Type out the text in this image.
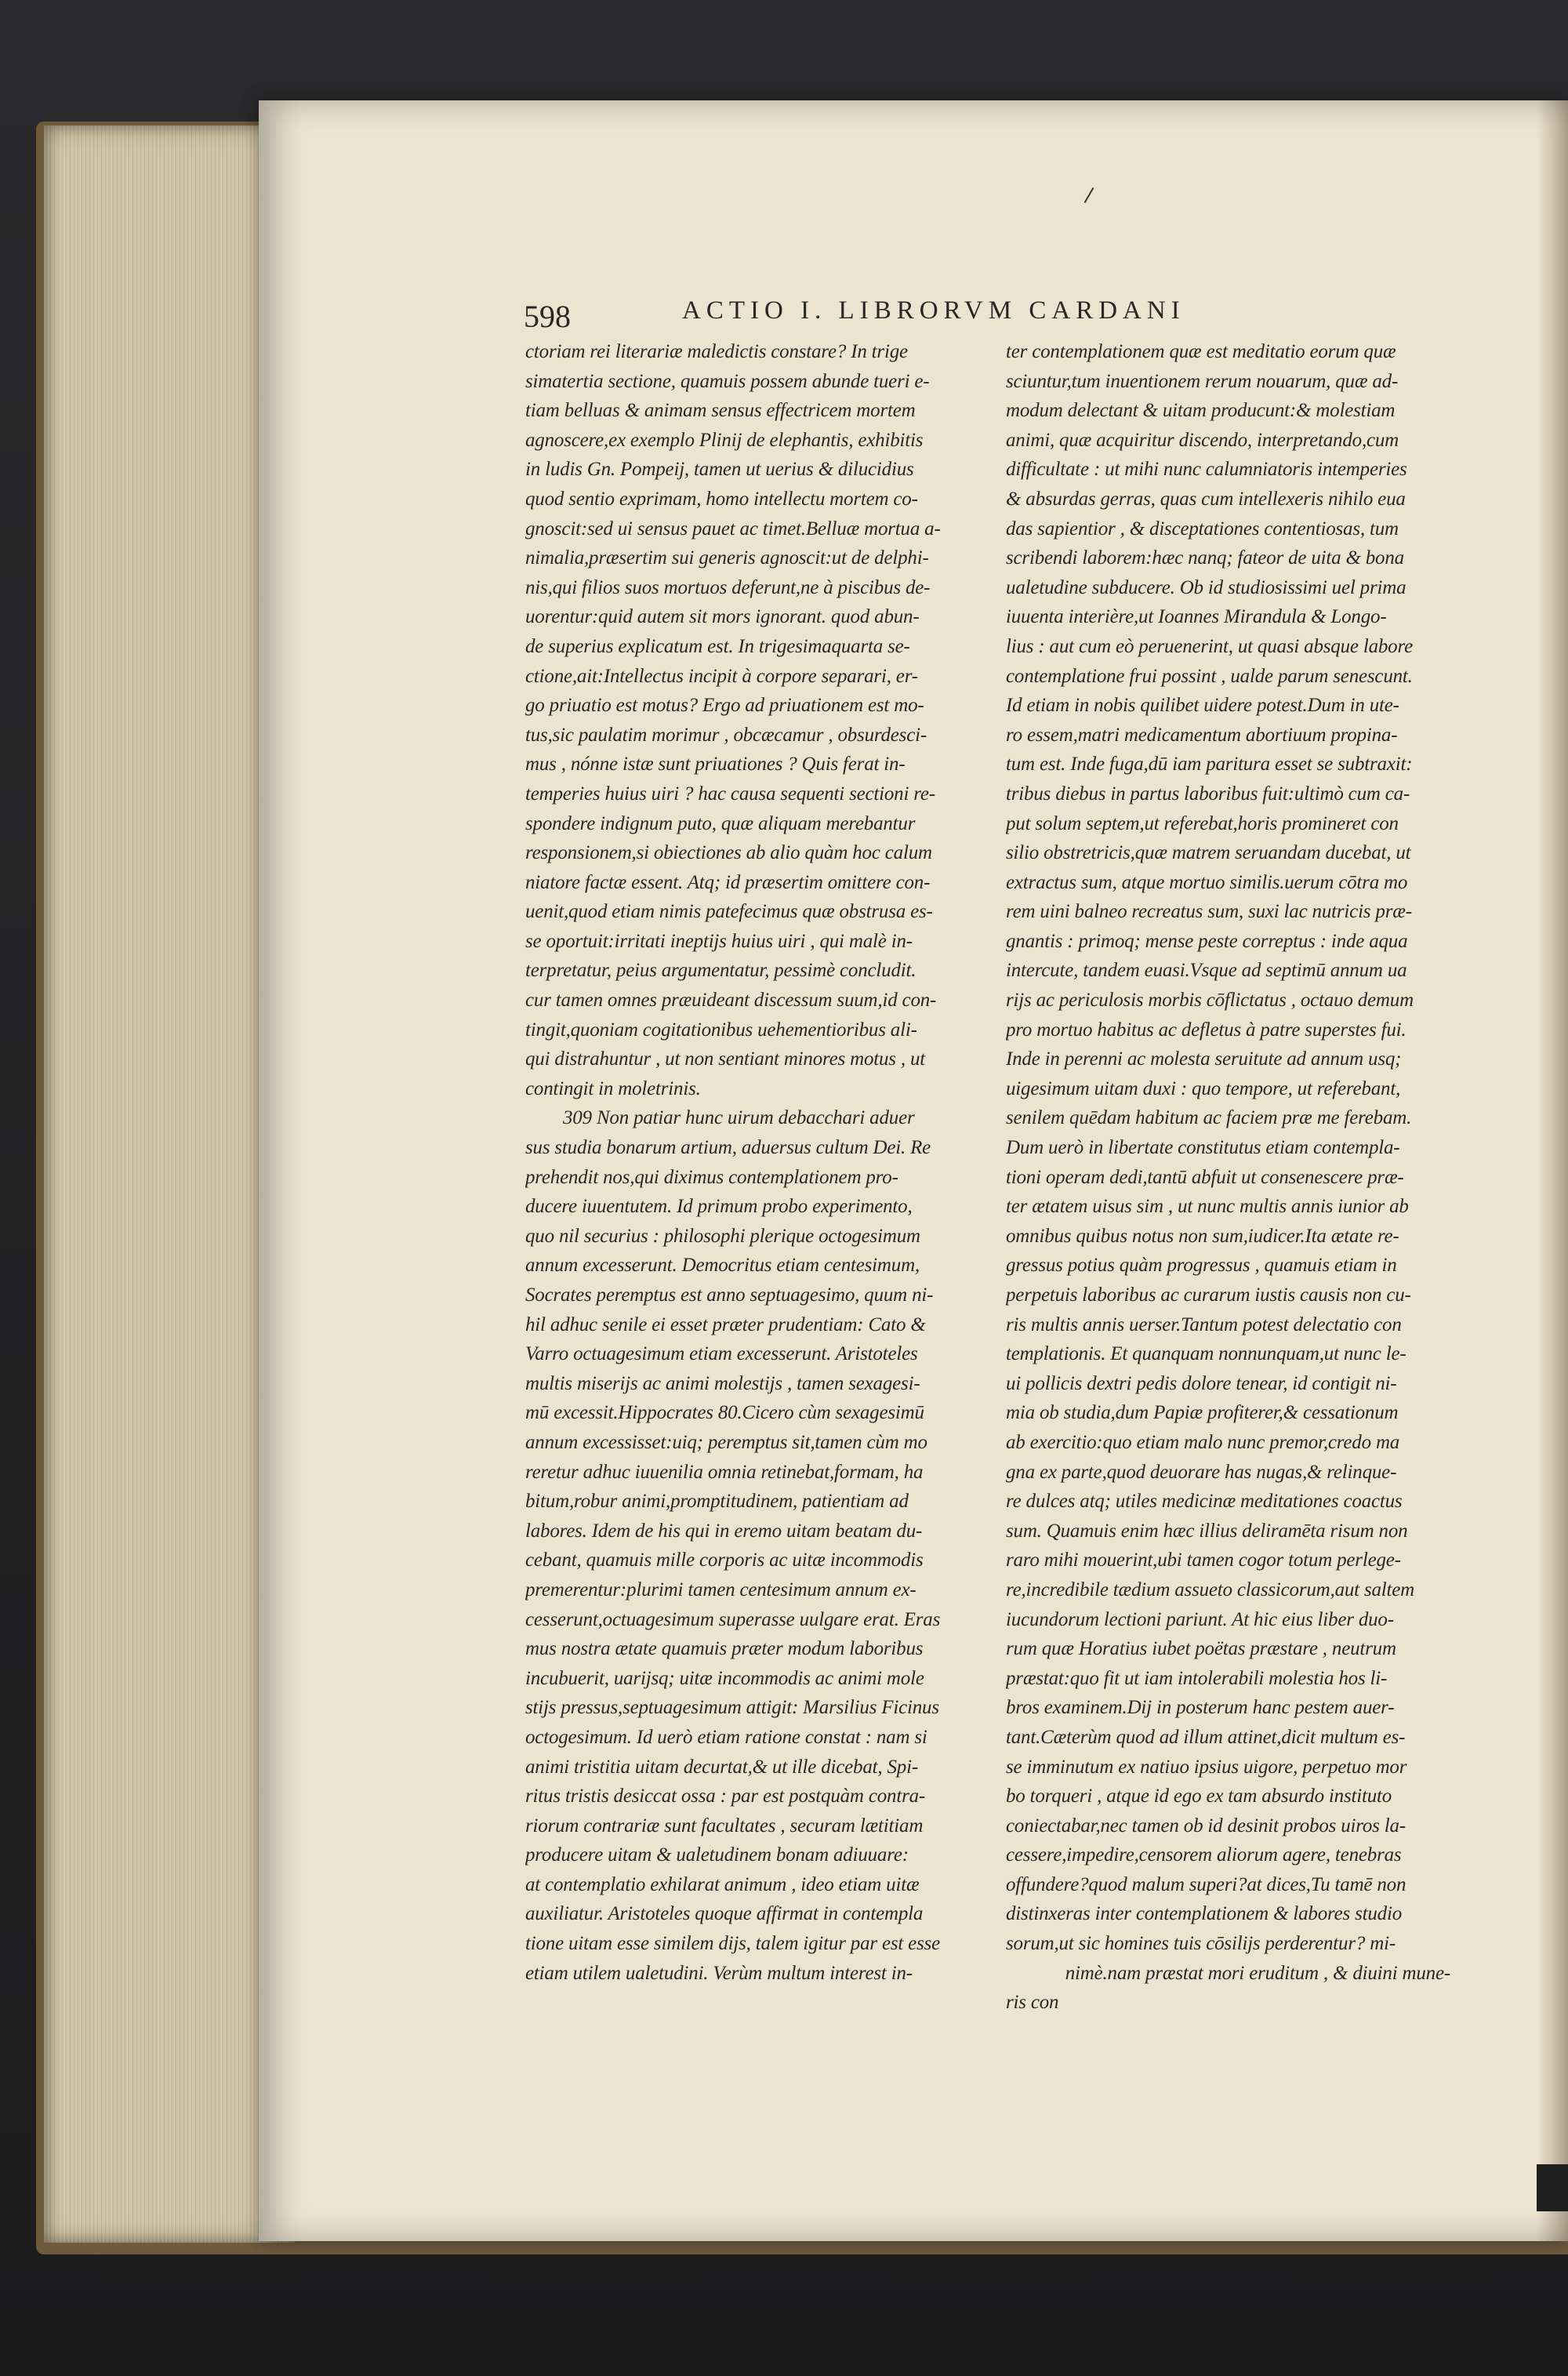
598	ACTIO I. LIBRORVM CARDANI
ctoriam rei literariæ maledictis constare? In trige
simatertia sectione, quamuis possem abunde tueri e-
tiam belluas & animam sensus effectricem mortem
agnoscere,ex exemplo Plinij de elephantis, exhibitis
in ludis Gn. Pompeij, tamen ut uerius & dilucidius
quod sentio exprimam, homo intellectu mortem co-
gnoscit:sed ui sensus pauet ac timet.Belluæ mortua a-
nimalia,præsertim sui generis agnoscit:ut de delphi-
nis,qui filios suos mortuos deferunt,ne à piscibus de-
uorentur:quid autem sit mors ignorant. quod abun-
de superius explicatum est. In trigesimaquarta se-
ctione,ait:Intellectus incipit à corpore separari, er-
go priuatio est motus? Ergo ad priuationem est mo-
tus,sic paulatim morimur , obcæcamur , obsurdesci-
mus , nónne istæ sunt priuationes ? Quis ferat in-
temperies huius uiri ? hac causa sequenti sectioni re-
spondere indignum puto, quæ aliquam merebantur
responsionem,si obiectiones ab alio quàm hoc calum
niatore factæ essent. Atq; id præsertim omittere con-
uenit,quod etiam nimis patefecimus quæ obstrusa es-
se oportuit:irritati ineptijs huius uiri , qui malè in-
terpretatur, peius argumentatur, pessimè concludit.
cur tamen omnes præuideant discessum suum,id con-
tingit,quoniam cogitationibus uehementioribus ali-
qui distrahuntur , ut non sentiant minores motus , ut
contingit in moletrinis.
309 Non patiar hunc uirum debacchari aduer
sus studia bonarum artium, aduersus cultum Dei. Re
prehendit nos,qui diximus contemplationem pro-
ducere iuuentutem. Id primum probo experimento,
quo nil securius : philosophi plerique octogesimum
annum excesserunt. Democritus etiam centesimum,
Socrates peremptus est anno septuagesimo, quum ni-
hil adhuc senile ei esset præter prudentiam: Cato &
Varro octuagesimum etiam excesserunt. Aristoteles
multis miserijs ac animi molestijs , tamen sexagesi-
mū excessit.Hippocrates 80.Cicero cùm sexagesimū
annum excessisset:uiq; peremptus sit,tamen cùm mo
reretur adhuc iuuenilia omnia retinebat,formam, ha
bitum,robur animi,promptitudinem, patientiam ad
labores. Idem de his qui in eremo uitam beatam du-
cebant, quamuis mille corporis ac uitæ incommodis
premerentur:plurimi tamen centesimum annum ex-
cesserunt,octuagesimum superasse uulgare erat. Eras
mus nostra ætate quamuis præter modum laboribus
incubuerit, uarijsq; uitæ incommodis ac animi mole
stijs pressus,septuagesimum attigit: Marsilius Ficinus
octogesimum. Id uerò etiam ratione constat : nam si
animi tristitia uitam decurtat,& ut ille dicebat, Spi-
ritus tristis desiccat ossa : par est postquàm contra-
riorum contrariæ sunt facultates , securam lætitiam
producere uitam & ualetudinem bonam adiuuare:
at contemplatio exhilarat animum , ideo etiam uitæ
auxiliatur. Aristoteles quoque affirmat in contempla
tione uitam esse similem dijs, talem igitur par est esse
etiam utilem ualetudini. Verùm multum interest in-
ter contemplationem quæ est meditatio eorum quæ
sciuntur,tum inuentionem rerum nouarum, quæ ad-
modum delectant & uitam producunt:& molestiam
animi, quæ acquiritur discendo, interpretando,cum
difficultate : ut mihi nunc calumniatoris intemperies
& absurdas gerras, quas cum intellexeris nihilo eua
das sapientior , & disceptationes contentiosas, tum
scribendi laborem:hæc nanq; fateor de uita & bona
ualetudine subducere. Ob id studiosissimi uel prima
iuuenta interière,ut Ioannes Mirandula & Longo-
lius : aut cum eò peruenerint, ut quasi absque labore
contemplatione frui possint , ualde parum senescunt.
Id etiam in nobis quilibet uidere potest.Dum in ute-
ro essem,matri medicamentum abortiuum propina-
tum est. Inde fuga,dū iam paritura esset se subtraxit:
tribus diebus in partus laboribus fuit:ultimò cum ca-
put solum septem,ut referebat,horis promineret con
silio obstretricis,quæ matrem seruandam ducebat, ut
extractus sum, atque mortuo similis.uerum cōtra mo
rem uini balneo recreatus sum, suxi lac nutricis præ-
gnantis : primoq; mense peste correptus : inde aqua
intercute, tandem euasi.Vsque ad septimū annum ua
rijs ac periculosis morbis cōflictatus , octauo demum
pro mortuo habitus ac defletus à patre superstes fui.
Inde in perenni ac molesta seruitute ad annum usq;
uigesimum uitam duxi : quo tempore, ut referebant,
senilem quēdam habitum ac faciem præ me ferebam.
Dum uerò in libertate constitutus etiam contempla-
tioni operam dedi,tantū abfuit ut consenescere præ-
ter ætatem uisus sim , ut nunc multis annis iunior ab
omnibus quibus notus non sum,iudicer.Ita ætate re-
gressus potius quàm progressus , quamuis etiam in
perpetuis laboribus ac curarum iustis causis non cu-
ris multis annis uerser.Tantum potest delectatio con
templationis. Et quanquam nonnunquam,ut nunc le-
ui pollicis dextri pedis dolore tenear, id contigit ni-
mia ob studia,dum Papiæ profiterer,& cessationum
ab exercitio:quo etiam malo nunc premor,credo ma
gna ex parte,quod deuorare has nugas,& relinque-
re dulces atq; utiles medicinæ meditationes coactus
sum. Quamuis enim hæc illius deliramēta risum non
raro mihi mouerint,ubi tamen cogor totum perlege-
re,incredibile tædium assueto classicorum,aut saltem
iucundorum lectioni pariunt. At hic eius liber duo-
rum quæ Horatius iubet poëtas præstare , neutrum
præstat:quo fit ut iam intolerabili molestia hos li-
bros examinem.Dij in posterum hanc pestem auer-
tant.Cæterùm quod ad illum attinet,dicit multum es-
se imminutum ex natiuo ipsius uigore, perpetuo mor
bo torqueri , atque id ego ex tam absurdo instituto
coniectabar,nec tamen ob id desinit probos uiros la-
cessere,impedire,censorem aliorum agere, tenebras
offundere?quod malum superi?at dices,Tu tamē non
distinxeras inter contemplationem & labores studio
sorum,ut sic homines tuis cōsilijs perderentur? mi-
nimè.nam præstat mori eruditum , & diuini mune-
ris con
